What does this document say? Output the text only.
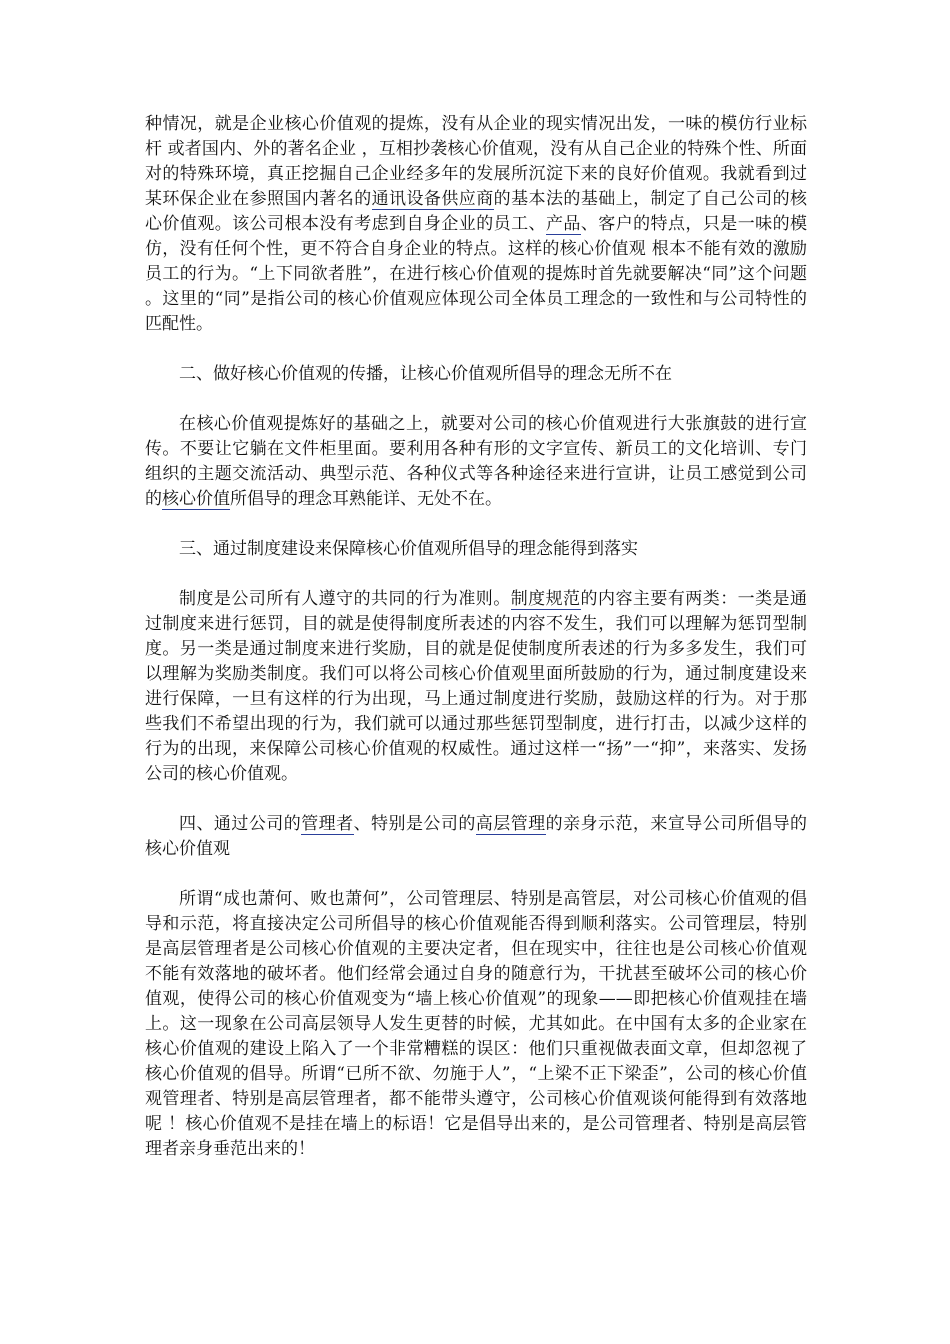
种情况，就是企业核心价值观的提炼，没有从企业的现实情况出发，一味的模仿行业标杆 或者国内、外的著名企业 ，互相抄袭核心价值观，没有从自己企业的特殊个性、所面对的特殊环境，真正挖掘自己企业经多年的发展所沉淀下来的良好价值观。我就看到过某环保企业在参照国内著名的通讯设备供应商的基本法的基础上，制定了自己公司的核心价值观。该公司根本没有考虑到自身企业的员工、产品、客户的特点，只是一味的模仿，没有任何个性，更不符合自身企业的特点。这样的核心价值观 根本不能有效的激励员工的行为。“上下同欲者胜”，在进行核心价值观的提炼时首先就要解决“同”这个问题 。这里的“同”是指公司的核心价值观应体现公司全体员工理念的一致性和与公司特性的匹配性。

二、做好核心价值观的传播，让核心价值观所倡导的理念无所不在

在核心价值观提炼好的基础之上，就要对公司的核心价值观进行大张旗鼓的进行宣传。不要让它躺在文件柜里面。要利用各种有形的文字宣传、新员工的文化培训、专门组织的主题交流活动、典型示范、各种仪式等各种途径来进行宣讲，让员工感觉到公司的核心价值所倡导的理念耳熟能详、无处不在。

三、通过制度建设来保障核心价值观所倡导的理念能得到落实

制度是公司所有人遵守的共同的行为准则。制度规范的内容主要有两类：一类是通过制度来进行惩罚，目的就是使得制度所表述的内容不发生，我们可以理解为惩罚型制度。另一类是通过制度来进行奖励，目的就是促使制度所表述的行为多多发生，我们可以理解为奖励类制度。我们可以将公司核心价值观里面所鼓励的行为，通过制度建设来进行保障，一旦有这样的行为出现，马上通过制度进行奖励，鼓励这样的行为。对于那些我们不希望出现的行为，我们就可以通过那些惩罚型制度，进行打击，以减少这样的行为的出现，来保障公司核心价值观的权威性。通过这样一“扬”一“抑”，来落实、发扬公司的核心价值观。

四、通过公司的管理者、特别是公司的高层管理的亲身示范，来宣导公司所倡导的核心价值观

所谓“成也萧何、败也萧何”，公司管理层、特别是高管层，对公司核心价值观的倡导和示范，将直接决定公司所倡导的核心价值观能否得到顺利落实。公司管理层，特别是高层管理者是公司核心价值观的主要决定者，但在现实中，往往也是公司核心价值观不能有效落地的破坏者。他们经常会通过自身的随意行为，干扰甚至破坏公司的核心价值观，使得公司的核心价值观变为“墙上核心价值观”的现象——即把核心价值观挂在墙上。这一现象在公司高层领导人发生更替的时候，尤其如此。在中国有太多的企业家在核心价值观的建设上陷入了一个非常糟糕的误区：他们只重视做表面文章，但却忽视了核心价值观的倡导。所谓“已所不欲、勿施于人”，“上梁不正下梁歪”，公司的核心价值观管理者、特别是高层管理者，都不能带头遵守，公司核心价值观谈何能得到有效落地呢 ！核心价值观不是挂在墙上的标语！它是倡导出来的，是公司管理者、特别是高层管理者亲身垂范出来的！
